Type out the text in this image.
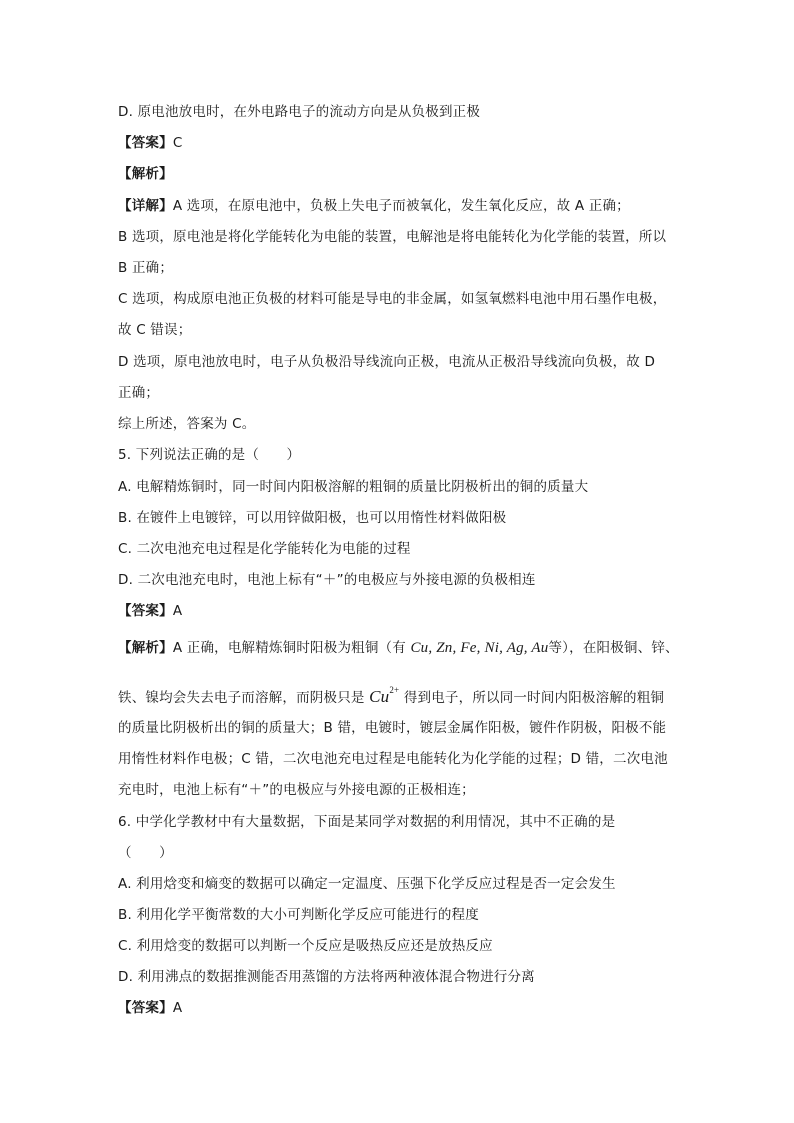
D. 原电池放电时，在外电路电子的流动方向是从负极到正极
【答案】C
【解析】
【详解】A 选项，在原电池中，负极上失电子而被氧化，发生氧化反应，故 A 正确；
B 选项，原电池是将化学能转化为电能的装置，电解池是将电能转化为化学能的装置，所以
B 正确；
C 选项，构成原电池正负极的材料可能是导电的非金属，如氢氧燃料电池中用石墨作电极，
故 C 错误；
D 选项，原电池放电时，电子从负极沿导线流向正极，电流从正极沿导线流向负极，故 D
正确；
综上所述，答案为 C。
5. 下列说法正确的是（　　）
A. 电解精炼铜时，同一时间内阳极溶解的粗铜的质量比阴极析出的铜的质量大
B. 在镀件上电镀锌，可以用锌做阳极，也可以用惰性材料做阳极
C. 二次电池充电过程是化学能转化为电能的过程
D. 二次电池充电时，电池上标有“＋”的电极应与外接电源的负极相连
【答案】A
【解析】A 正确，电解精炼铜时阳极为粗铜（有 Cu, Zn, Fe, Ni, Ag, Au等），在阳极铜、锌、
铁、镍均会失去电子而溶解，而阴极只是 $Cu^{2+}$ 得到电子，所以同一时间内阳极溶解的粗铜
的质量比阴极析出的铜的质量大；B 错，电镀时，镀层金属作阳极，镀件作阴极，阳极不能
用惰性材料作电极；C 错，二次电池充电过程是电能转化为化学能的过程；D 错，二次电池
充电时，电池上标有“＋”的电极应与外接电源的正极相连；
6. 中学化学教材中有大量数据，下面是某同学对数据的利用情况，其中不正确的是
（　　）
A. 利用焓变和熵变的数据可以确定一定温度、压强下化学反应过程是否一定会发生
B. 利用化学平衡常数的大小可判断化学反应可能进行的程度
C. 利用焓变的数据可以判断一个反应是吸热反应还是放热反应
D. 利用沸点的数据推测能否用蒸馏的方法将两种液体混合物进行分离
【答案】A
